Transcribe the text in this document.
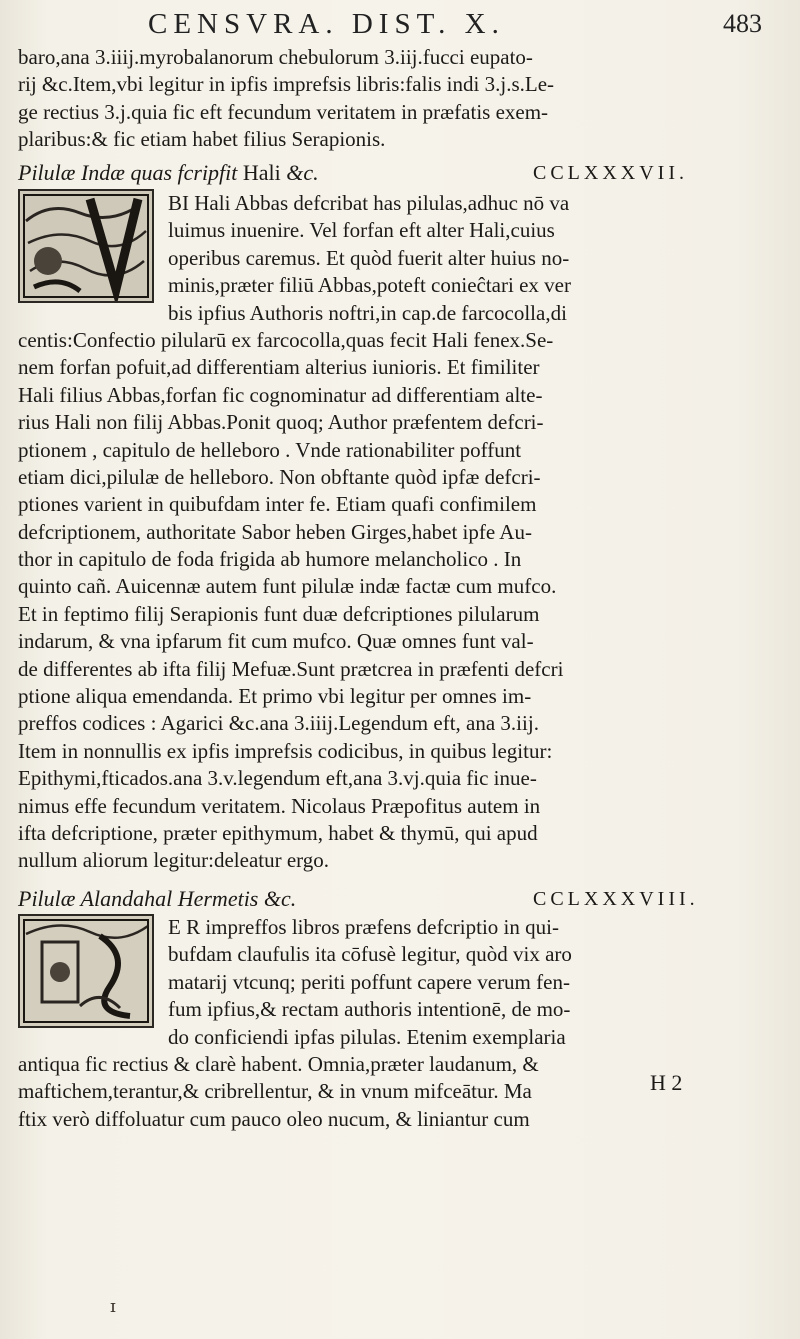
CENSVRA. DIST. X.	483
baro,ana 3.iiij.myrobalanorum chebulorum 3.iij.fucci eupato-
rij &c.Item,vbi legitur in ipfis imprefsis libris:falis indi 3.j.s.Le-
ge rectius 3.j.quia fic eft fecundum veritatem in præfatis exem-
plaribus:& fic etiam habet filius Serapionis.
Pilulæ Indæ quas fcripfit Hali &c.	CCLXXXVII.
BI Hali Abbas defcribat has pilulas,adhuc nō va
luimus inuenire. Vel forfan eft alter Hali,cuius
operibus caremus. Et quòd fuerit alter huius no-
minis,præter filiū Abbas,poteft conieĉtari ex ver
bis ipfius Authoris noftri,in cap.de farcocolla,di
centis:Confectio pilularū ex farcocolla,quas fecit Hali fenex.Se-
nem forfan pofuit,ad differentiam alterius iunioris. Et fimiliter
Hali filius Abbas,forfan fic cognominatur ad differentiam alte-
rius Hali non filij Abbas.Ponit quoq; Author præfentem defcri-
ptionem , capitulo de helleboro . Vnde rationabiliter poffunt
etiam dici,pilulæ de helleboro. Non obftante quòd ipfæ defcri-
ptiones varient in quibufdam inter fe. Etiam quafi confimilem
defcriptionem, authoritate Sabor heben Girges,habet ipfe Au-
thor in capitulo de foda frigida ab humore melancholico . In
quinto cañ. Auicennæ autem funt pilulæ indæ factæ cum mufco.
Et in feptimo filij Serapionis funt duæ defcriptiones pilularum
indarum, & vna ipfarum fit cum mufco. Quæ omnes funt val-
de differentes ab ifta filij Mefuæ.Sunt prætcrea in præfenti defcri
ptione aliqua emendanda. Et primo vbi legitur per omnes im-
preffos codices : Agarici &c.ana 3.iiij.Legendum eft, ana 3.iij.
Item in nonnullis ex ipfis imprefsis codicibus, in quibus legitur:
Epithymi,fticados.ana 3.v.legendum eft,ana 3.vj.quia fic inue-
nimus effe fecundum veritatem. Nicolaus Præpofitus autem in
ifta defcriptione, præter epithymum, habet & thymū, qui apud
nullum aliorum legitur:deleatur ergo.
Pilulæ Alandahal Hermetis &c.	CCLXXXVIII.
E R impreffos libros præfens defcriptio in qui-
bufdam claufulis ita cōfusè legitur, quòd vix aro
matarij vtcunq; periti poffunt capere verum fen-
fum ipfius,& rectam authoris intentionē, de mo-
do conficiendi ipfas pilulas. Etenim exemplaria
antiqua fic rectius & clarè habent. Omnia,præter laudanum, &
maftichem,terantur,& cribrellentur, & in vnum mifceātur. Ma
ftix verò diffoluatur cum pauco oleo nucum, & liniantur cum
H 2
ɪ
